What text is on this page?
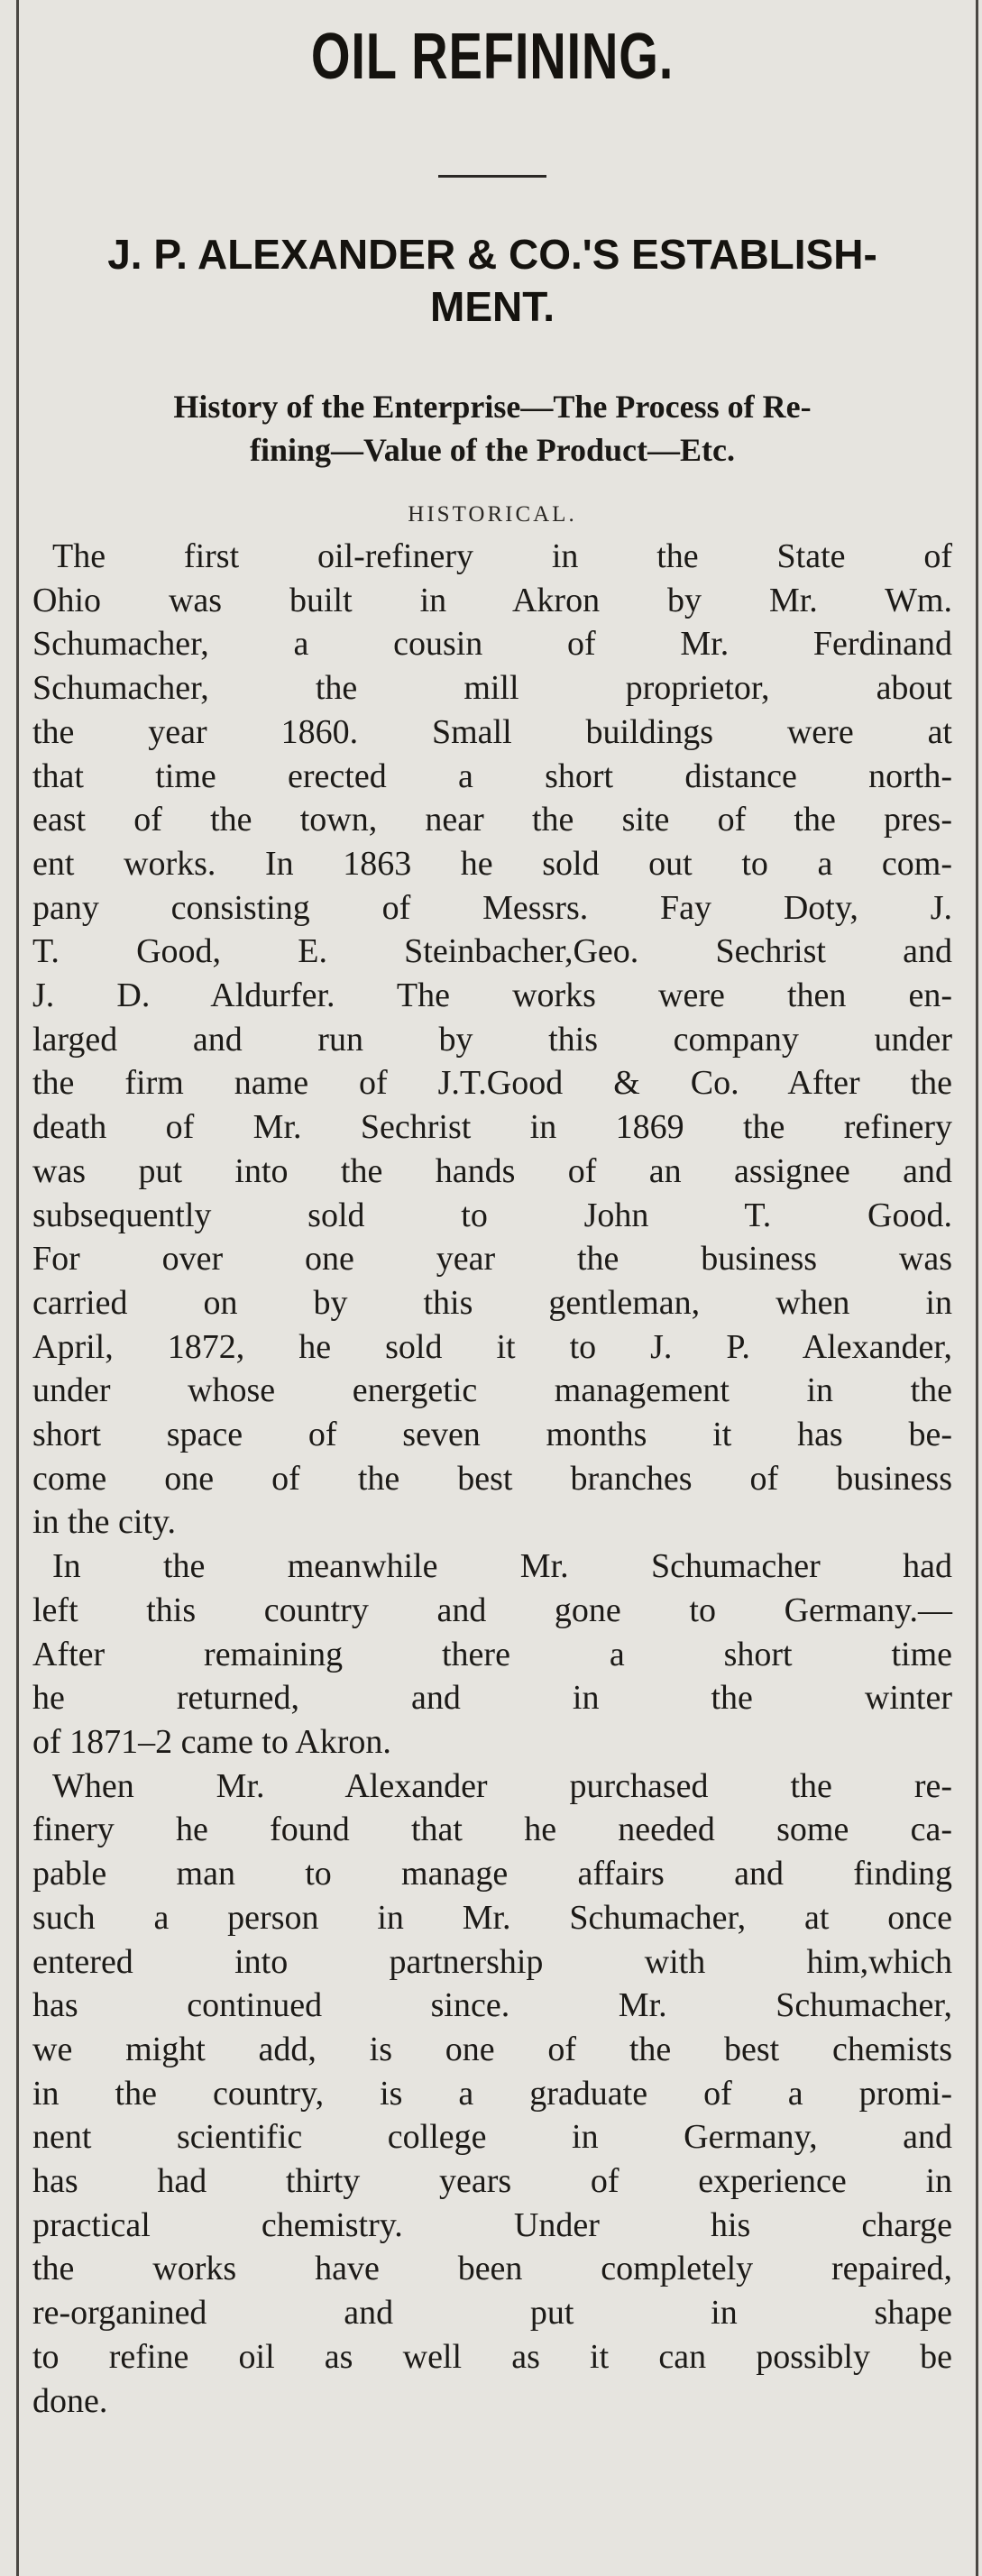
OIL REFINING.
J. P. ALEXANDER & CO.'S ESTABLISH-
MENT.
History of the Enterprise—The Process of Re-
fining—Value of the Product—Etc.
HISTORICAL.
The first oil-refinery in the State of
Ohio was built in Akron by Mr. Wm.
Schumacher, a cousin of Mr. Ferdinand
Schumacher, the mill proprietor, about
the year 1860. Small buildings were at
that time erected a short distance north-
east of the town, near the site of the pres-
ent works. In 1863 he sold out to a com-
pany consisting of Messrs. Fay Doty, J.
T. Good, E. Steinbacher,Geo. Sechrist and
J. D. Aldurfer. The works were then en-
larged and run by this company under
the firm name of J.T.Good & Co. After the
death of Mr. Sechrist in 1869 the refinery
was put into the hands of an assignee and
subsequently sold to John T. Good.
For over one year the business was
carried on by this gentleman, when in
April, 1872, he sold it to J. P. Alexander,
under whose energetic management in the
short space of seven months it has be-
come one of the best branches of business
in the city.
In the meanwhile Mr. Schumacher had
left this country and gone to Germany.—
After remaining there a short time
he returned, and in the winter
of 1871–2 came to Akron.
When Mr. Alexander purchased the re-
finery he found that he needed some ca-
pable man to manage affairs and finding
such a person in Mr. Schumacher, at once
entered into partnership with him,which
has continued since. Mr. Schumacher,
we might add, is one of the best chemists
in the country, is a graduate of a promi-
nent scientific college in Germany, and
has had thirty years of experience in
practical chemistry. Under his charge
the works have been completely repaired,
re-organined and put in shape
to refine oil as well as it can possibly be
done.
